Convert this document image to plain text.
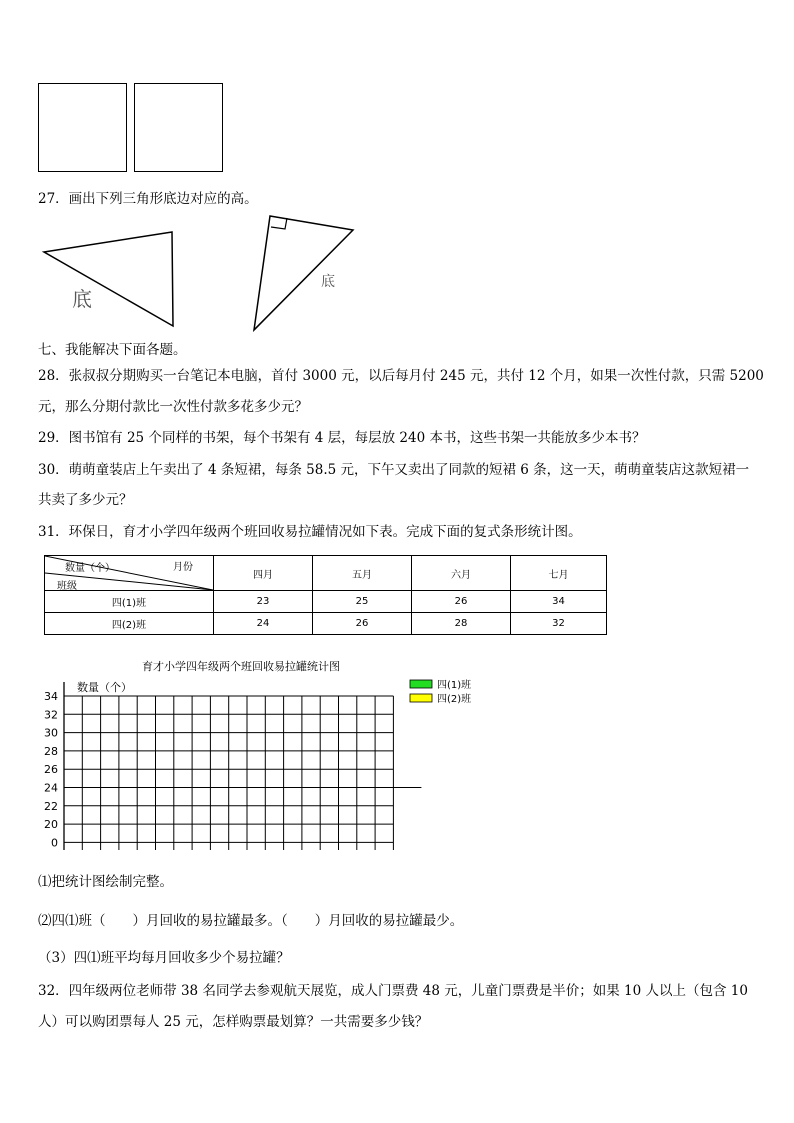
27．画出下列三角形底边对应的高。
底
底
七、我能解决下面各题。
28．张叔叔分期购买一台笔记本电脑，首付 3000 元，以后每月付 245 元，共付 12 个月，如果一次性付款，只需 5200
元，那么分期付款比一次性付款多花多少元？
29．图书馆有 25 个同样的书架，每个书架有 4 层，每层放 240 本书，这些书架一共能放多少本书？
30．萌萌童装店上午卖出了 4 条短裙，每条 58.5 元，下午又卖出了同款的短裙 6 条，这一天，萌萌童装店这款短裙一
共卖了多少元？
31．环保日，育才小学四年级两个班回收易拉罐情况如下表。完成下面的复式条形统计图。
数量（个） 月份
班级	四月	五月	六月	七月
四(1)班	23	25	26	34
四(2)班	24	26	28	32
育才小学四年级两个班回收易拉罐统计图
数量（个）
34
32
30
28
26
24
22
20
0
四(1)班
四(2)班
⑴把统计图绘制完整。
⑵四⑴班（　　）月回收的易拉罐最多。（　　）月回收的易拉罐最少。
（3）四⑴班平均每月回收多少个易拉罐？
32．四年级两位老师带 38 名同学去参观航天展览，成人门票费 48 元，儿童门票费是半价；如果 10 人以上（包含 10
人）可以购团票每人 25 元，怎样购票最划算？一共需要多少钱？
